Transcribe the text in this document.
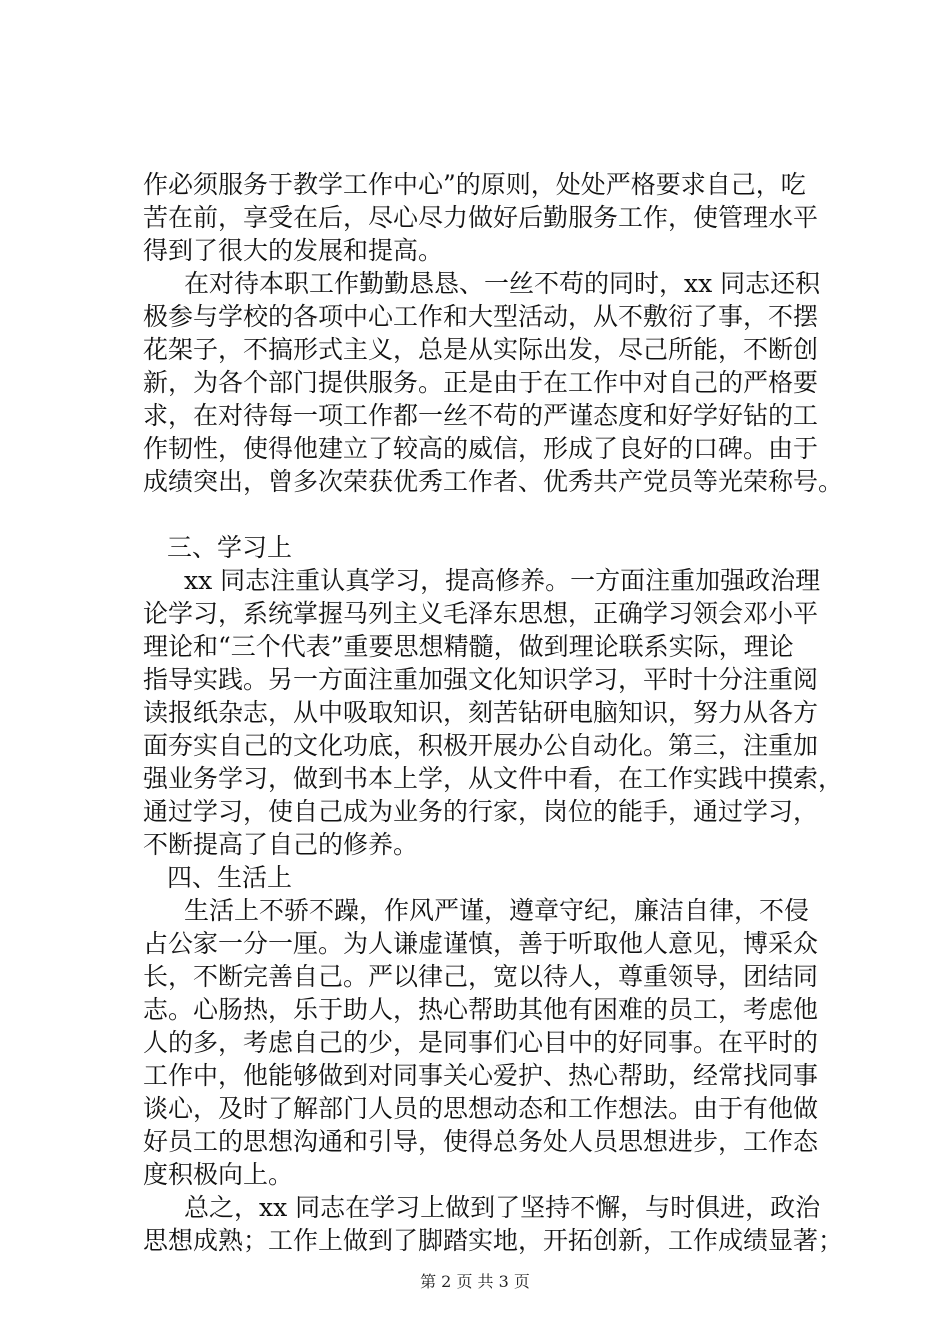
作必须服务于教学工作中心”的原则，处处严格要求自己，吃
苦在前，享受在后，尽心尽力做好后勤服务工作，使管理水平
得到了很大的发展和提高。
在对待本职工作勤勤恳恳、一丝不苟的同时，xx 同志还积
极参与学校的各项中心工作和大型活动，从不敷衍了事，不摆
花架子，不搞形式主义，总是从实际出发，尽己所能，不断创
新，为各个部门提供服务。正是由于在工作中对自己的严格要
求，在对待每一项工作都一丝不苟的严谨态度和好学好钻的工
作韧性，使得他建立了较高的威信，形成了良好的口碑。由于
成绩突出，曾多次荣获优秀工作者、优秀共产党员等光荣称号。
三、学习上
xx 同志注重认真学习，提高修养。一方面注重加强政治理
论学习，系统掌握马列主义毛泽东思想，正确学习领会邓小平
理论和“三个代表”重要思想精髓，做到理论联系实际，理论
指导实践。另一方面注重加强文化知识学习，平时十分注重阅
读报纸杂志，从中吸取知识，刻苦钻研电脑知识，努力从各方
面夯实自己的文化功底，积极开展办公自动化。第三，注重加
强业务学习，做到书本上学，从文件中看，在工作实践中摸索，
通过学习，使自己成为业务的行家，岗位的能手，通过学习，
不断提高了自己的修养。
四、生活上
生活上不骄不躁，作风严谨，遵章守纪，廉洁自律，不侵
占公家一分一厘。为人谦虚谨慎，善于听取他人意见，博采众
长，不断完善自己。严以律己，宽以待人，尊重领导，团结同
志。心肠热，乐于助人，热心帮助其他有困难的员工，考虑他
人的多，考虑自己的少，是同事们心目中的好同事。在平时的
工作中，他能够做到对同事关心爱护、热心帮助，经常找同事
谈心，及时了解部门人员的思想动态和工作想法。由于有他做
好员工的思想沟通和引导，使得总务处人员思想进步，工作态
度积极向上。
总之，xx 同志在学习上做到了坚持不懈，与时俱进，政治
思想成熟；工作上做到了脚踏实地，开拓创新，工作成绩显著；
第 2 页 共 3 页
